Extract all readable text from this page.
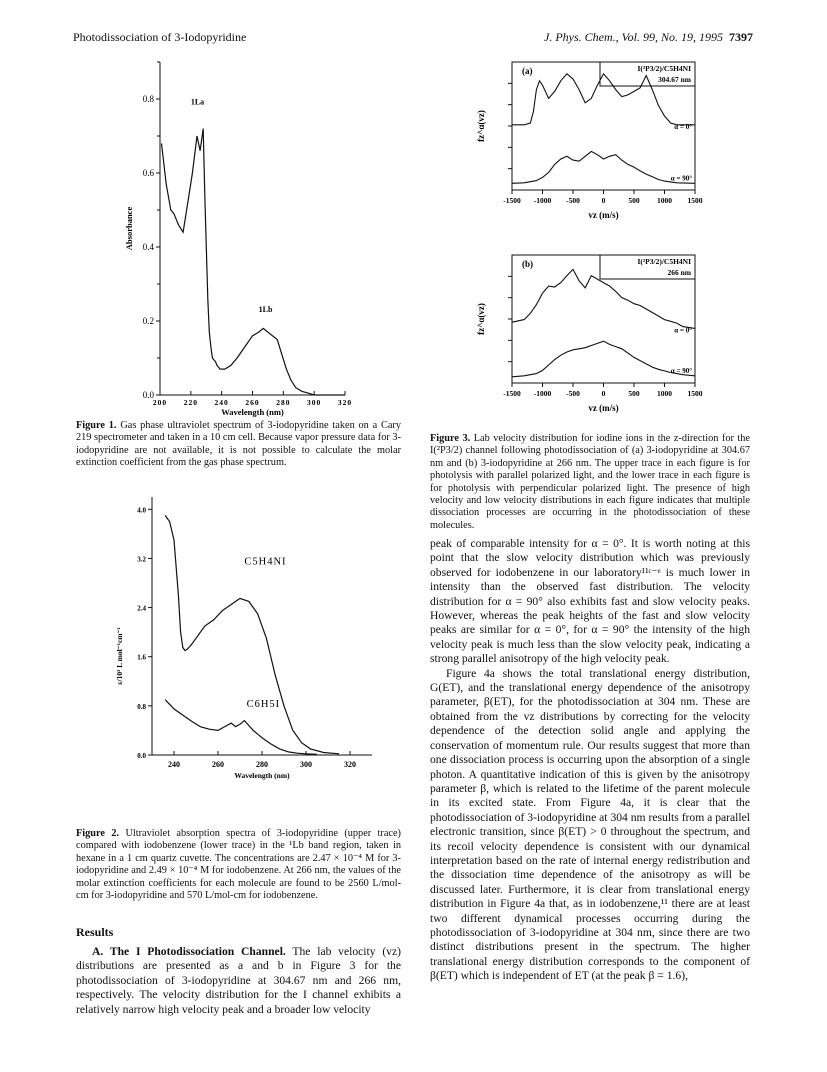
Photodissociation of 3-Iodopyridine	J. Phys. Chem., Vol. 99, No. 19, 1995 7397
0.0
0.2
0.4
0.6
0.8
200 220 240 260 280 300 320
Wavelength (nm)
Absorbance
1La
1Lb
Figure 1. Gas phase ultraviolet spectrum of 3-iodopyridine taken on a Cary 219 spectrometer and taken in a 10 cm cell. Because vapor pressure data for 3-iodopyridine are not available, it is not possible to calculate the molar extinction coefficient from the gas phase spectrum.
0.0
0.8
1.6
2.4
3.2
4.0
240	260	280	300	320
Wavelength (nm)
ε/10³ L mol⁻¹cm⁻¹
C5H4NI
C6H5I
Figure 2. Ultraviolet absorption spectra of 3-iodopyridine (upper trace) compared with iodobenzene (lower trace) in the ¹Lb band region, taken in hexane in a 1 cm quartz cuvette. The concentrations are 2.47 × 10⁻⁴ M for 3-iodopyridine and 2.49 × 10⁻⁴ M for iodobenzene. At 266 nm, the values of the molar extinction coefficients for each molecule are found to be 2560 L/mol-cm for 3-iodopyridine and 570 L/mol-cm for iodobenzene.
Results

A. The I Photodissociation Channel. The lab velocity (vz) distributions are presented as a and b in Figure 3 for the photodissociation of 3-iodopyridine at 304.67 nm and 266 nm, respectively. The velocity distribution for the I channel exhibits a relatively narrow high velocity peak and a broader low velocity

-1500 -1000 -500	0	500 1000 1500
vz (m/s)
fz^α(vz)
(a)	I(²P3/2)/C5H4NI
304.67 nm
α = 0°
α = 90°
-1500 -1000 -500	0	500 1000 1500
vz (m/s)
fz^α(vz)
(b)	I(²P3/2)/C5H4NI
266 nm
α = 0°
α = 90°
Figure 3. Lab velocity distribution for iodine ions in the z-direction for the I(²P3/2) channel following photodissociation of (a) 3-iodopyridine at 304.67 nm and (b) 3-iodopyridine at 266 nm. The upper trace in each figure is for photolysis with parallel polarized light, and the lower trace in each figure is for photolysis with perpendicular polarized light. The presence of high velocity and low velocity distributions in each figure indicates that multiple dissociation processes are occurring in the photodissociation of these molecules.

peak of comparable intensity for α = 0°. It is worth noting at this point that the slow velocity distribution which was previously observed for iodobenzene in our laboratory¹¹ᶜ⁻ᵉ is much lower in intensity than the observed fast distribution. The velocity distribution for α = 90° also exhibits fast and slow velocity peaks. However, whereas the peak heights of the fast and slow velocity peaks are similar for α = 0°, for α = 90° the intensity of the high velocity peak is much less than the slow velocity peak, indicating a strong parallel anisotropy of the high velocity peak.

Figure 4a shows the total translational energy distribution, G(ET), and the translational energy dependence of the anisotropy parameter, β(ET), for the photodissociation at 304 nm. These are obtained from the vz distributions by correcting for the velocity dependence of the detection solid angle and applying the conservation of momentum rule. Our results suggest that more than one dissociation process is occurring upon the absorption of a single photon. A quantitative indication of this is given by the anisotropy parameter β, which is related to the lifetime of the parent molecule in its excited state. From Figure 4a, it is clear that the photodissociation of 3-iodopyridine at 304 nm results from a parallel electronic transition, since β(ET) > 0 throughout the spectrum, and its recoil velocity dependence is consistent with our dynamical interpretation based on the rate of internal energy redistribution and the dissociation time dependence of the anisotropy as will be discussed later. Furthermore, it is clear from translational energy distribution in Figure 4a that, as in iodobenzene,¹¹ there are at least two different dynamical processes occurring during the photodissociation of 3-iodopyridine at 304 nm, since there are two distinct distributions present in the spectrum. The higher translational energy distribution corresponds to the component of β(ET) which is independent of ET (at the peak β = 1.6),
